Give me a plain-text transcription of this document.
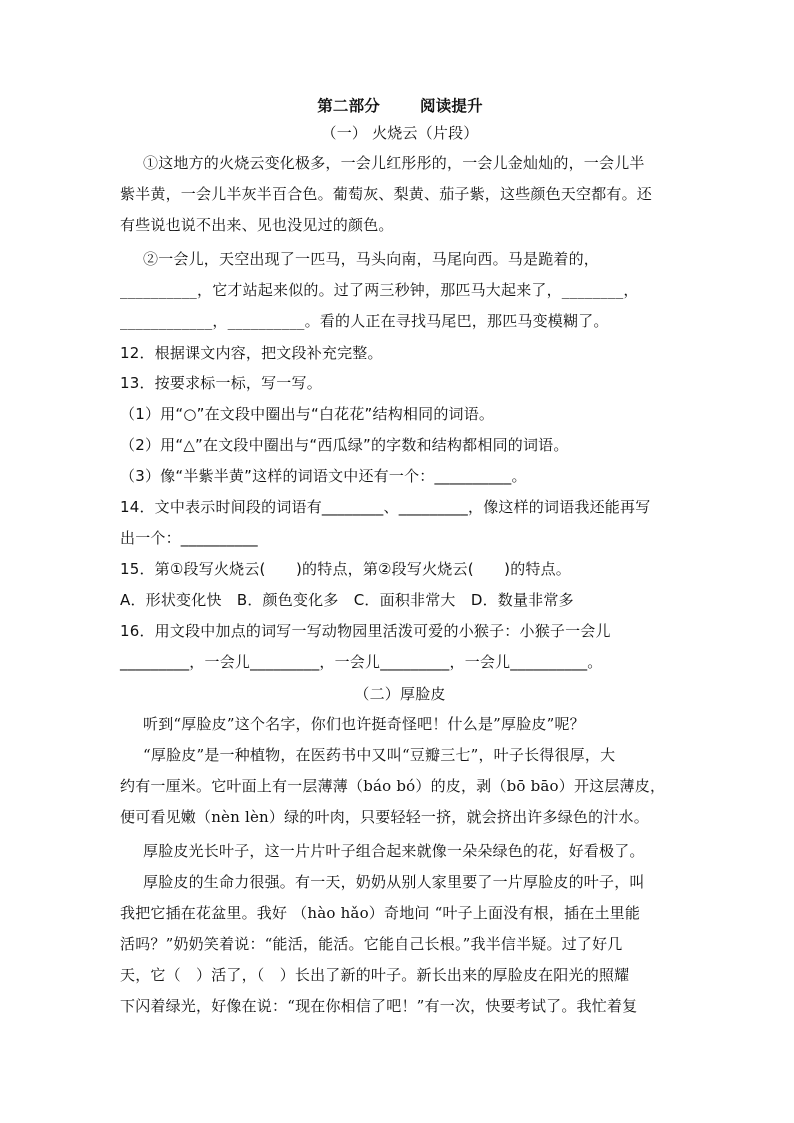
第二部分	阅读提升
（一） 火烧云（片段）
①这地方的火烧云变化极多，一会儿红彤彤的，一会儿金灿灿的，一会儿半
紫半黄，一会儿半灰半百合色。葡萄灰、梨黄、茄子紫，这些颜色天空都有。还
有些说也说不出来、见也没见过的颜色。
②一会儿，天空出现了一匹马，马头向南，马尾向西。马是跪着的，
__________，它才站起来似的。过了两三秒钟，那匹马大起来了，________，
____________，__________。看的人正在寻找马尾巴，那匹马变模糊了。
12．根据课文内容，把文段补充完整。
13．按要求标一标，写一写。
（1）用“○”在文段中圈出与“白花花”结构相同的词语。
（2）用“△”在文段中圈出与“西瓜绿”的字数和结构都相同的词语。
（3）像“半紫半黄”这样的词语文中还有一个：__________。
14．文中表示时间段的词语有________、_________，像这样的词语我还能再写
出一个：__________
15．第①段写火烧云(　　)的特点，第②段写火烧云(　　)的特点。
A．形状变化快　B．颜色变化多　C．面积非常大　D．数量非常多
16．用文段中加点的词写一写动物园里活泼可爱的小猴子：小猴子一会儿
_________，一会儿_________，一会儿_________，一会儿__________。
（二）厚脸皮
听到“厚脸皮”这个名字，你们也许挺奇怪吧！什么是”厚脸皮”呢？
“厚脸皮”是一种植物，在医药书中又叫“豆瓣三七”，叶子长得很厚，大
约有一厘米。它叶面上有一层薄薄（báo bó）的皮，剥（bō bāo）开这层薄皮，
便可看见嫩（nèn lèn）绿的叶肉，只要轻轻一挤，就会挤出许多绿色的汁水。
厚脸皮光长叶子，这一片片叶子组合起来就像一朵朵绿色的花，好看极了。
厚脸皮的生命力很强。有一天，奶奶从别人家里要了一片厚脸皮的叶子，叫
我把它插在花盆里。我好 （hào hǎo）奇地问 “叶子上面没有根，插在土里能
活吗？”奶奶笑着说：“能活，能活。它能自己长根。”我半信半疑。过了好几
天，它（　）活了，（　）长出了新的叶子。新长出来的厚脸皮在阳光的照耀
下闪着绿光，好像在说：“现在你相信了吧！”有一次，快要考试了。我忙着复
